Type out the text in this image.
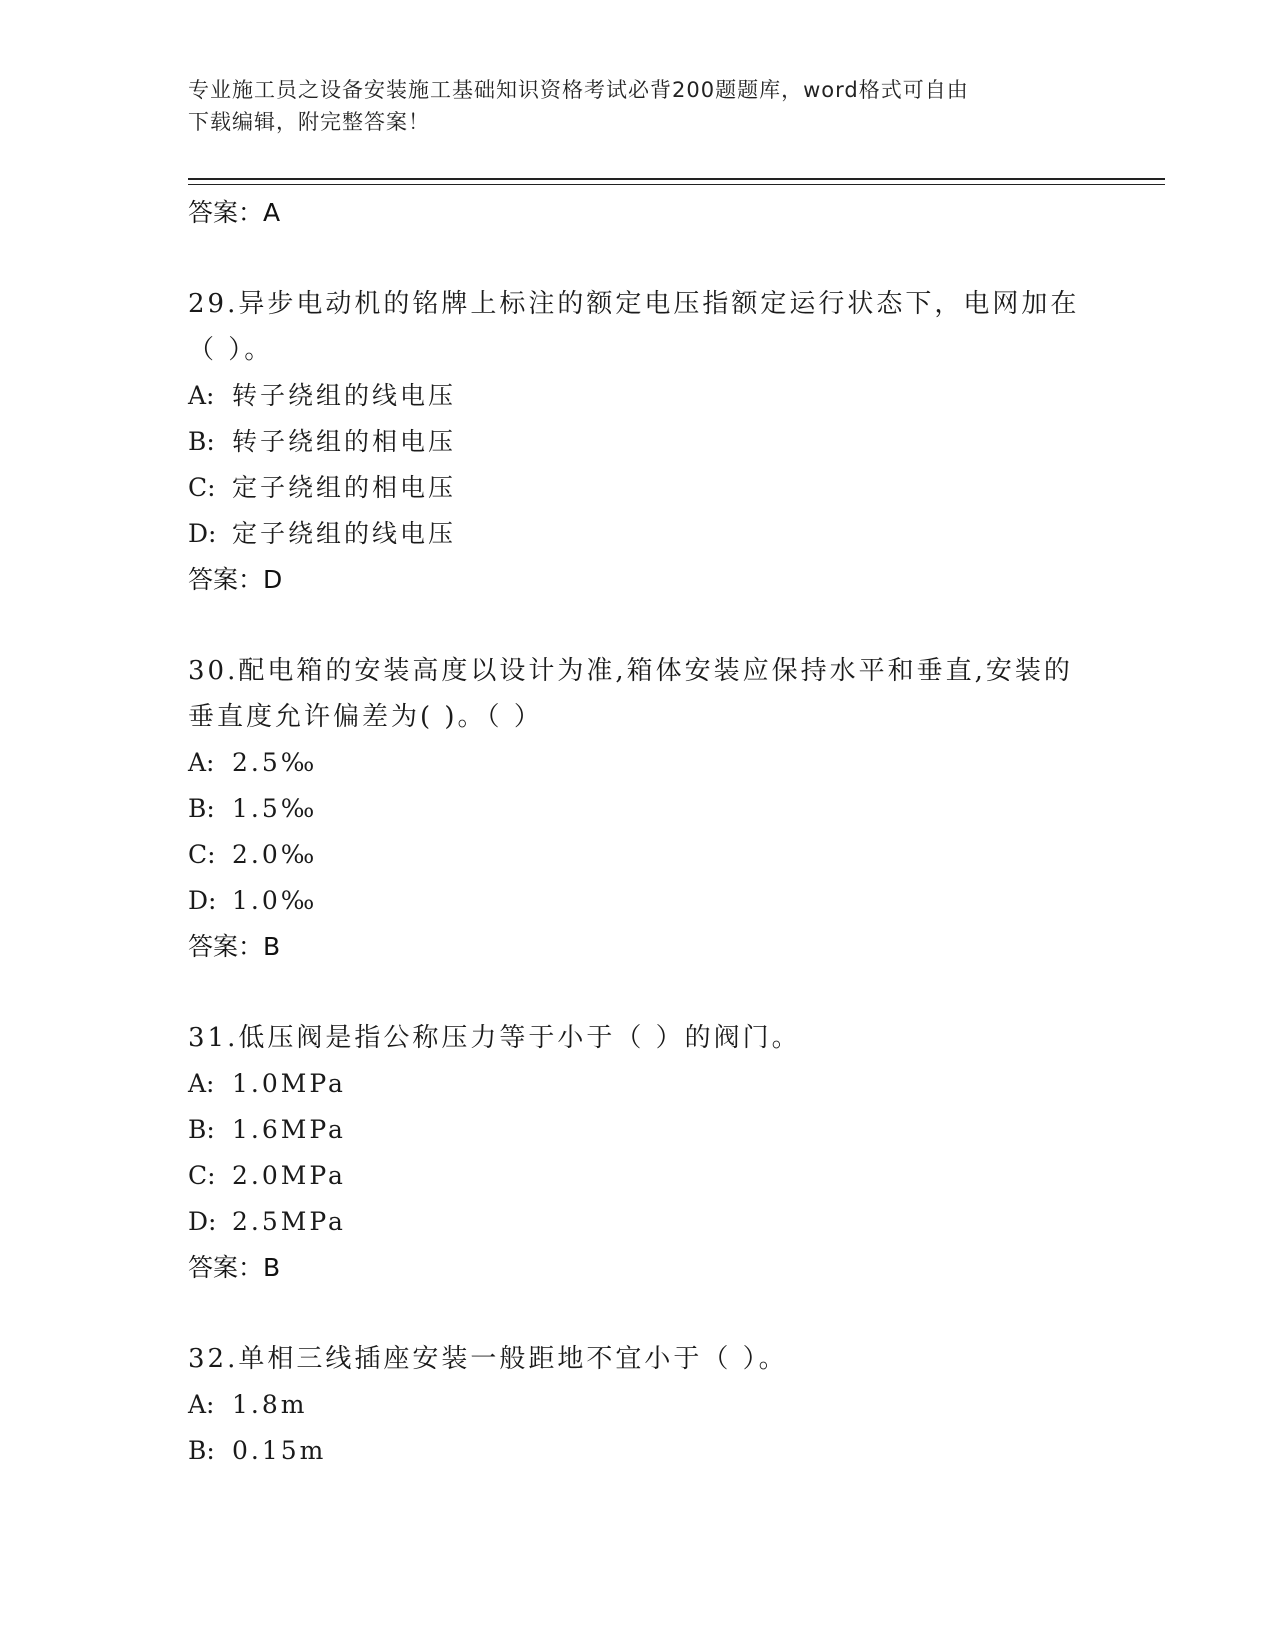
专业施工员之设备安装施工基础知识资格考试必背200题题库，word格式可自由
下载编辑，附完整答案！
答案：A
29.异步电动机的铭牌上标注的额定电压指额定运行状态下，电网加在
（ ）。
A: 转子绕组的线电压
B: 转子绕组的相电压
C: 定子绕组的相电压
D: 定子绕组的线电压
答案：D
30.配电箱的安装高度以设计为准,箱体安装应保持水平和垂直,安装的
垂直度允许偏差为( )。（ ）
A: 2.5‰
B: 1.5‰
C: 2.0‰
D: 1.0‰
答案：B
31.低压阀是指公称压力等于小于（ ）的阀门。
A: 1.0MPa
B: 1.6MPa
C: 2.0MPa
D: 2.5MPa
答案：B
32.单相三线插座安装一般距地不宜小于（ ）。
A: 1.8m
B: 0.15m
